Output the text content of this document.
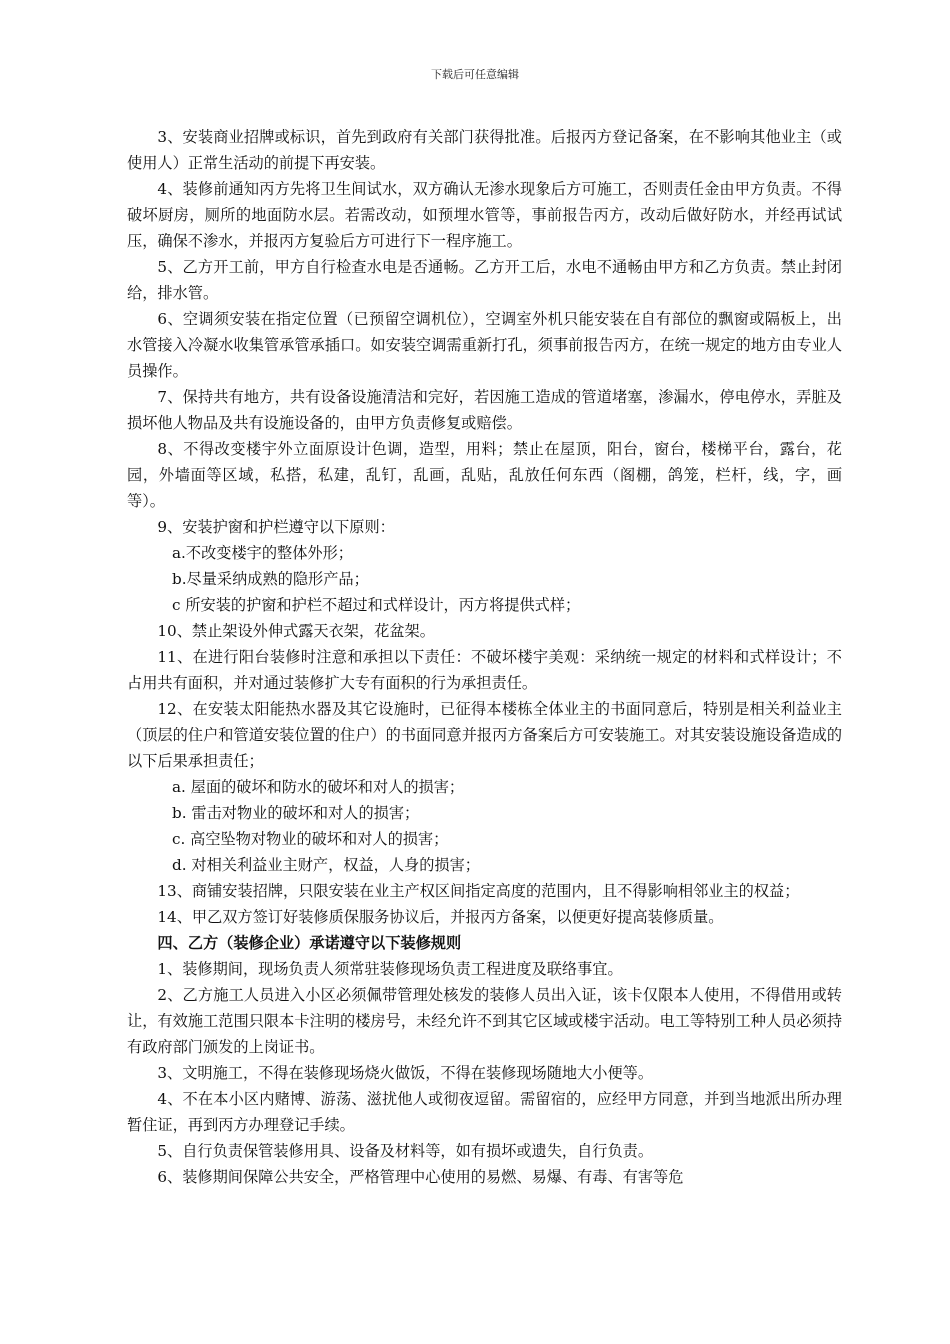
下载后可任意编辑

3、安装商业招牌或标识，首先到政府有关部门获得批准。后报丙方登记备案，在不影响其他业主（或使用人）正常生活动的前提下再安装。

4、装修前通知丙方先将卫生间试水，双方确认无渗水现象后方可施工，否则责任金由甲方负责。不得破坏厨房，厕所的地面防水层。若需改动，如预埋水管等，事前报告丙方，改动后做好防水，并经再试试压，确保不渗水，并报丙方复验后方可进行下一程序施工。

5、乙方开工前，甲方自行检查水电是否通畅。乙方开工后，水电不通畅由甲方和乙方负责。禁止封闭给，排水管。

6、空调须安装在指定位置（已预留空调机位），空调室外机只能安装在自有部位的飘窗或隔板上，出水管接入冷凝水收集管承管承插口。如安装空调需重新打孔，须事前报告丙方，在统一规定的地方由专业人员操作。

7、保持共有地方，共有设备设施清洁和完好，若因施工造成的管道堵塞，渗漏水，停电停水，弄脏及损坏他人物品及共有设施设备的，由甲方负责修复或赔偿。

8、不得改变楼宇外立面原设计色调，造型，用料；禁止在屋顶，阳台，窗台，楼梯平台，露台，花园，外墙面等区域，私搭，私建，乱钉，乱画，乱贴，乱放任何东西（阁棚，鸽笼，栏杆，线，字，画等）。

9、安装护窗和护栏遵守以下原则：

a.不改变楼宇的整体外形；

b.尽量采纳成熟的隐形产品；

c 所安装的护窗和护栏不超过和式样设计，丙方将提供式样；

10、禁止架设外伸式露天衣架，花盆架。

11、在进行阳台装修时注意和承担以下责任：不破坏楼宇美观：采纳统一规定的材料和式样设计；不占用共有面积，并对通过装修扩大专有面积的行为承担责任。

12、在安装太阳能热水器及其它设施时，已征得本楼栋全体业主的书面同意后，特别是相关利益业主（顶层的住户和管道安装位置的住户）的书面同意并报丙方备案后方可安装施工。对其安装设施设备造成的以下后果承担责任；

a. 屋面的破坏和防水的破坏和对人的损害；

b. 雷击对物业的破坏和对人的损害；

c. 高空坠物对物业的破坏和对人的损害；

d. 对相关利益业主财产，权益，人身的损害；

13、商铺安装招牌，只限安装在业主产权区间指定高度的范围内，且不得影响相邻业主的权益；

14、甲乙双方签订好装修质保服务协议后，并报丙方备案，以便更好提高装修质量。

四、乙方（装修企业）承诺遵守以下装修规则

1、装修期间，现场负责人须常驻装修现场负责工程进度及联络事宜。

2、乙方施工人员进入小区必须佩带管理处核发的装修人员出入证，该卡仅限本人使用，不得借用或转让，有效施工范围只限本卡注明的楼房号，未经允许不到其它区域或楼宇活动。电工等特别工种人员必须持有政府部门颁发的上岗证书。

3、文明施工，不得在装修现场烧火做饭，不得在装修现场随地大小便等。

4、不在本小区内赌博、游荡、滋扰他人或彻夜逗留。需留宿的，应经甲方同意，并到当地派出所办理暂住证，再到丙方办理登记手续。

5、自行负责保管装修用具、设备及材料等，如有损坏或遗失，自行负责。

6、装修期间保障公共安全，严格管理中心使用的易燃、易爆、有毒、有害等危
